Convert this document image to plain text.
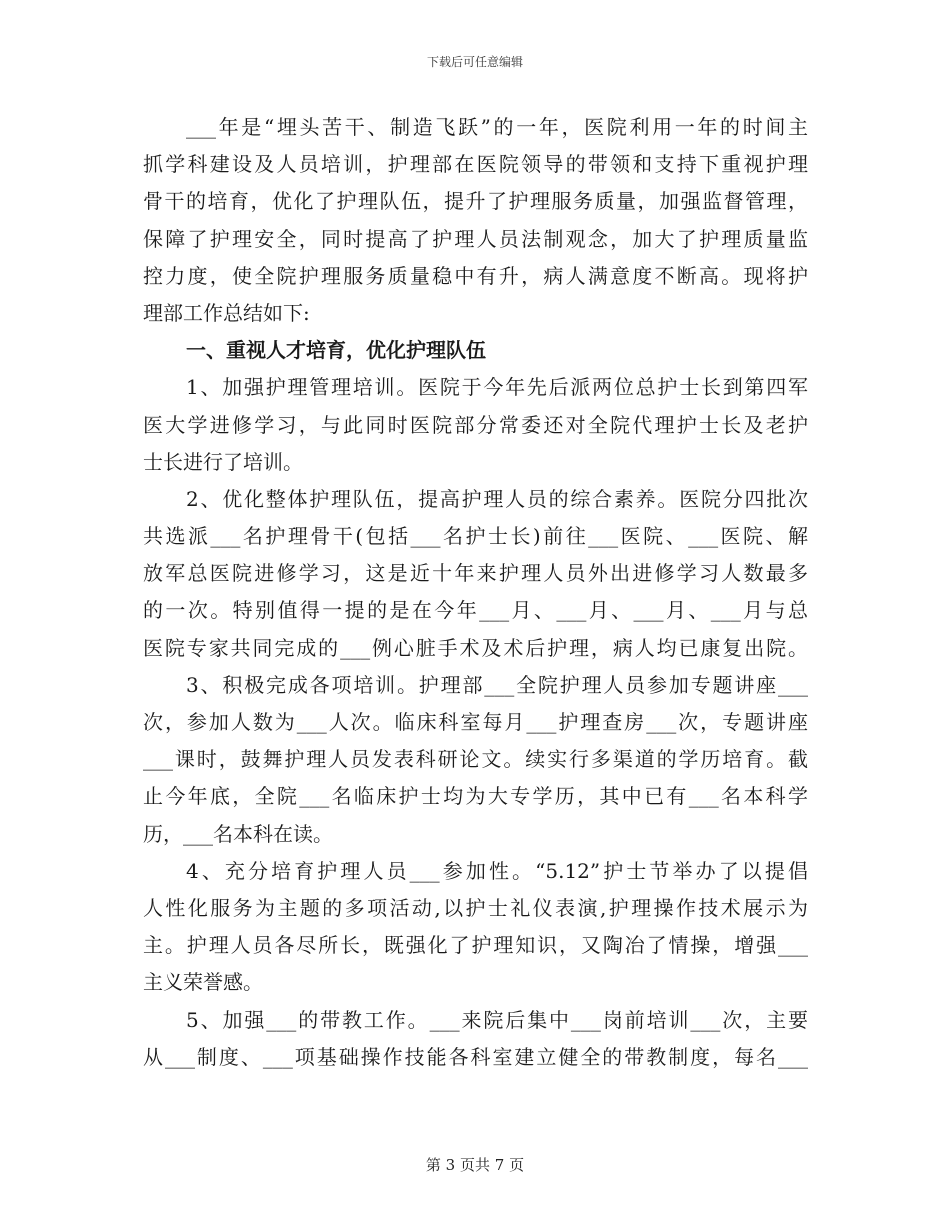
下载后可任意编辑
___年是“埋头苦干、制造飞跃”的一年，医院利用一年的时间主
抓学科建设及人员培训，护理部在医院领导的带领和支持下重视护理
骨干的培育，优化了护理队伍，提升了护理服务质量，加强监督管理，
保障了护理安全，同时提高了护理人员法制观念，加大了护理质量监
控力度，使全院护理服务质量稳中有升，病人满意度不断高。现将护
理部工作总结如下:
一、重视人才培育，优化护理队伍
1、加强护理管理培训。医院于今年先后派两位总护士长到第四军
医大学进修学习，与此同时医院部分常委还对全院代理护士长及老护
士长进行了培训。
2、优化整体护理队伍，提高护理人员的综合素养。医院分四批次
共选派___名护理骨干(包括___名护士长)前往___医院、___医院、解
放军总医院进修学习，这是近十年来护理人员外出进修学习人数最多
的一次。特别值得一提的是在今年___月、___月、___月、___月与总
医院专家共同完成的___例心脏手术及术后护理，病人均已康复出院。
3、积极完成各项培训。护理部___全院护理人员参加专题讲座___
次，参加人数为___人次。临床科室每月___护理查房___次，专题讲座
___课时，鼓舞护理人员发表科研论文。续实行多渠道的学历培育。截
止今年底，全院___名临床护士均为大专学历，其中已有___名本科学
历，___名本科在读。
4、充分培育护理人员___参加性。“5.12”护士节举办了以提倡
人性化服务为主题的多项活动,以护士礼仪表演,护理操作技术展示为
主。护理人员各尽所长，既强化了护理知识，又陶冶了情操，增强___
主义荣誉感。
5、加强___的带教工作。___来院后集中___岗前培训___次，主要
从___制度、___项基础操作技能各科室建立健全的带教制度，每名___
第 3 页共 7 页
